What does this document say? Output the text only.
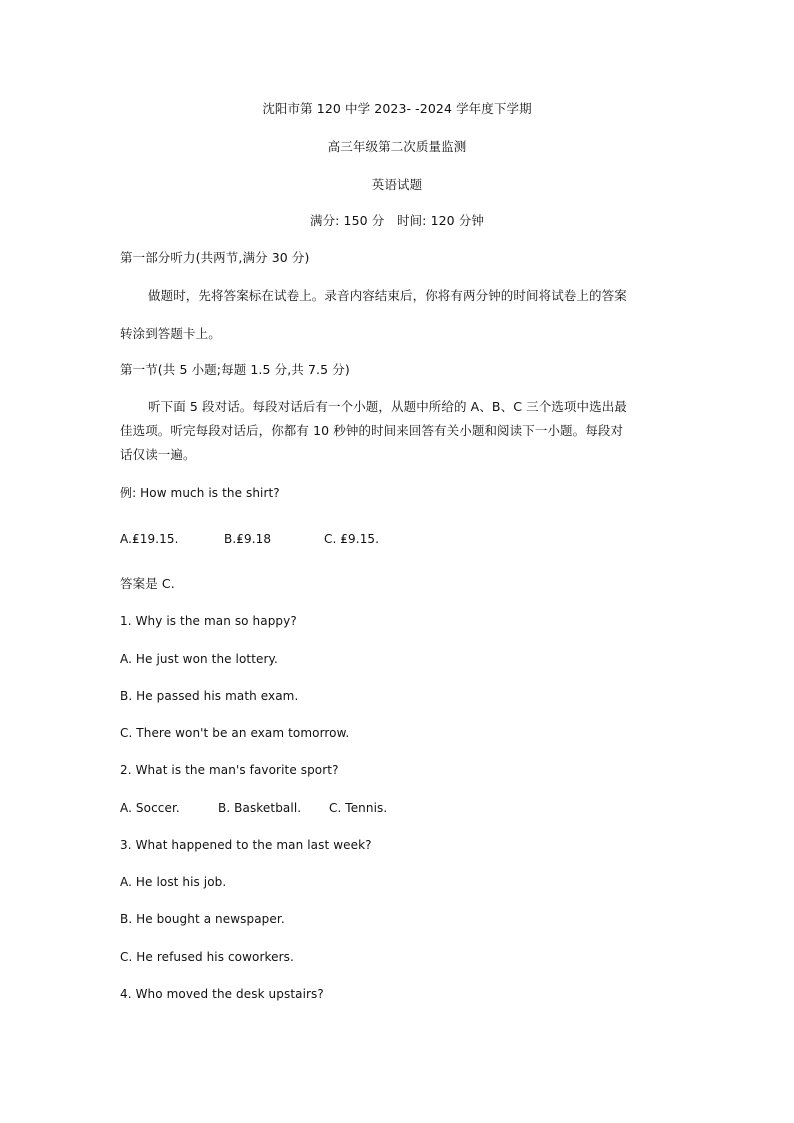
沈阳市第 120 中学 2023- -2024 学年度下学期
高三年级第二次质量监测
英语试题
满分: 150 分　时间: 120 分钟
第一部分听力(共两节,满分 30 分)
做题时，先将答案标在试卷上。录音内容结束后，你将有两分钟的时间将试卷上的答案
转涂到答题卡上。
第一节(共 5 小题;每题 1.5 分,共 7.5 分)
听下面 5 段对话。每段对话后有一个小题，从题中所给的 A、B、C 三个选项中选出最
佳选项。听完每段对话后，你都有 10 秒钟的时间来回答有关小题和阅读下一小题。每段对
话仅读一遍。
例: How much is the shirt?
A.₤19.15.	B.₤9.18	C. ₤9.15.
答案是 C.
1. Why is the man so happy?
A. He just won the lottery.
B. He passed his math exam.
C. There won't be an exam tomorrow.
2. What is the man's favorite sport?
A. Soccer.	B. Basketball. C. Tennis.
3. What happened to the man last week?
A. He lost his job.
B. He bought a newspaper.
C. He refused his coworkers.
4. Who moved the desk upstairs?
